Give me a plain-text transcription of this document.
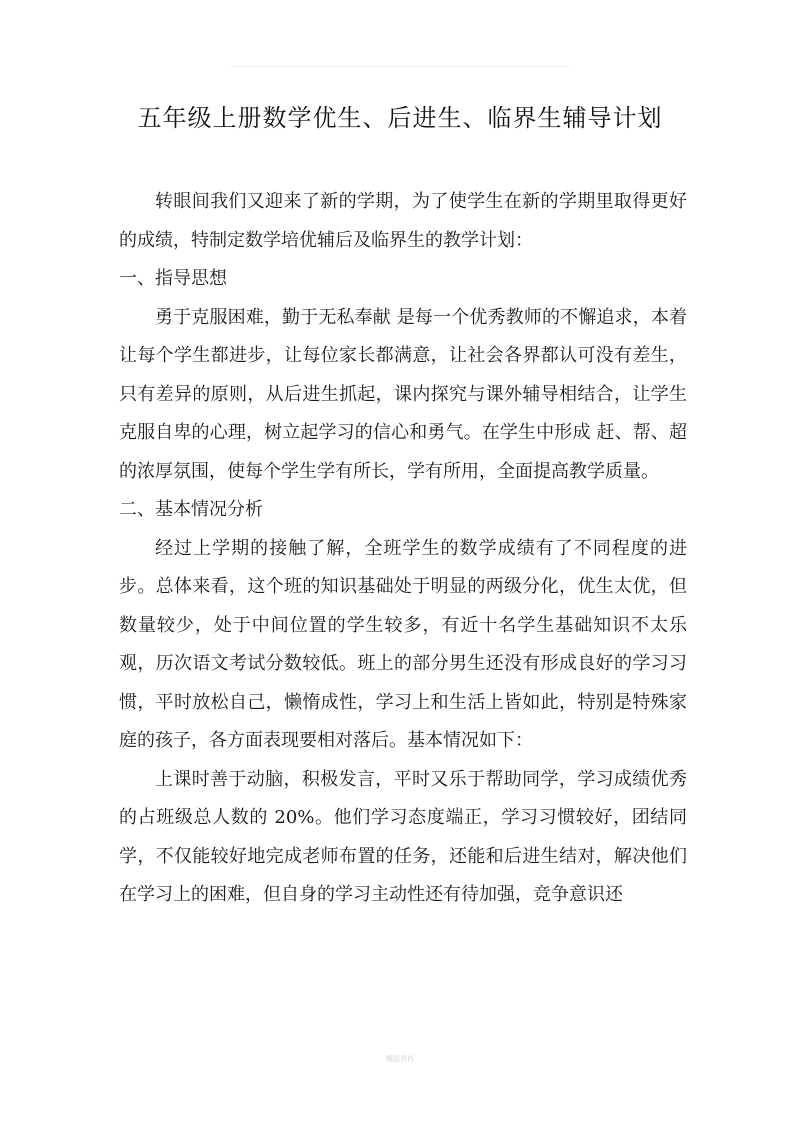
五年级上册数学优生、后进生、临界生辅导计划

转眼间我们又迎来了新的学期，为了使学生在新的学期里取得更好的成绩，特制定数学培优辅后及临界生的教学计划：

一、指导思想

勇于克服困难，勤于无私奉献 是每一个优秀教师的不懈追求，本着 让每个学生都进步，让每位家长都满意，让社会各界都认可没有差生，只有差异的原则，从后进生抓起，课内探究与课外辅导相结合，让学生克服自卑的心理，树立起学习的信心和勇气。在学生中形成 赶、帮、超的浓厚氛围，使每个学生学有所长，学有所用，全面提高教学质量。

二、基本情况分析

经过上学期的接触了解，全班学生的数学成绩有了不同程度的进步。总体来看，这个班的知识基础处于明显的两级分化，优生太优，但数量较少，处于中间位置的学生较多，有近十名学生基础知识不太乐观，历次语文考试分数较低。班上的部分男生还没有形成良好的学习习惯，平时放松自己，懒惰成性，学习上和生活上皆如此，特别是特殊家庭的孩子，各方面表现要相对落后。基本情况如下：

上课时善于动脑，积极发言，平时又乐于帮助同学，学习成绩优秀的占班级总人数的 20%。他们学习态度端正，学习习惯较好，团结同学，不仅能较好地完成老师布置的任务，还能和后进生结对，解决他们在学习上的困难，但自身的学习主动性还有待加强，竞争意识还

精品资料
